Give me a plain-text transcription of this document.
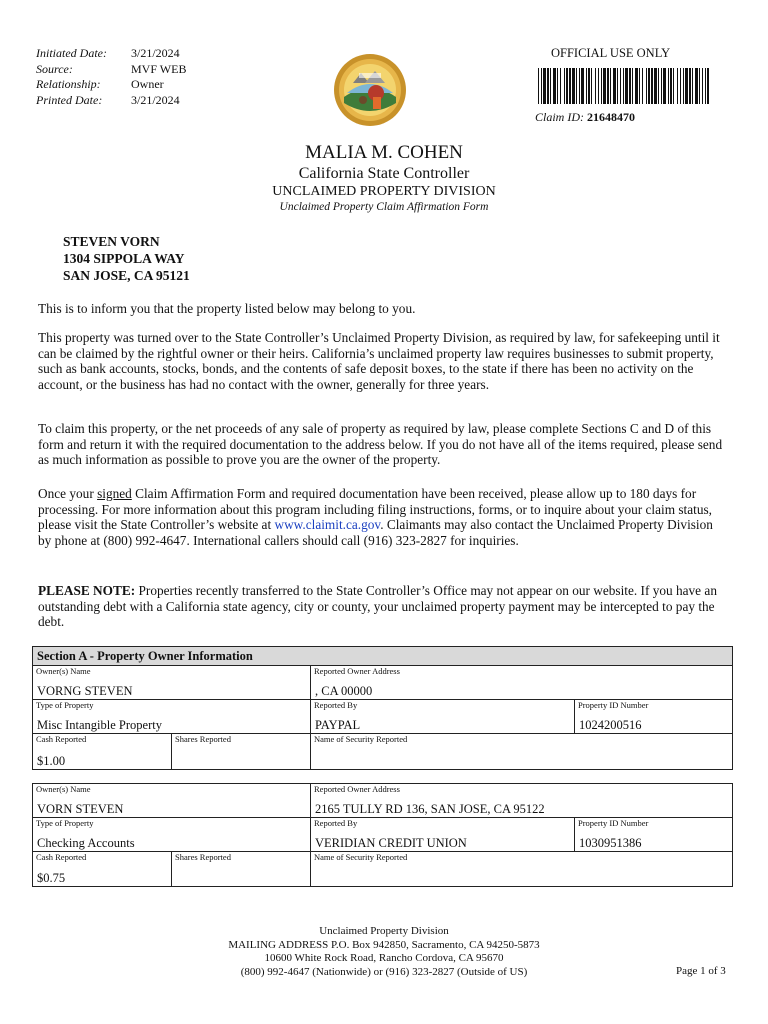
Initiated Date:	3/21/2024
Source:	MVF WEB
Relationship:	Owner
Printed Date:	3/21/2024
OFFICIAL USE ONLY
Claim ID: 21648470
MALIA M. COHEN
California State Controller
UNCLAIMED PROPERTY DIVISION
Unclaimed Property Claim Affirmation Form
STEVEN VORN
1304 SIPPOLA WAY
SAN JOSE, CA 95121
This is to inform you that the property listed below may belong to you.
This property was turned over to the State Controller’s Unclaimed Property Division, as required by law, for safekeeping until it can be claimed by the rightful owner or their heirs. California’s unclaimed property law requires businesses to submit property, such as bank accounts, stocks, bonds, and the contents of safe deposit boxes, to the state if there has been no activity on the account, or the business has had no contact with the owner, generally for three years.
To claim this property, or the net proceeds of any sale of property as required by law, please complete Sections C and D of this form and return it with the required documentation to the address below. If you do not have all of the items required, please send as much information as possible to prove you are the owner of the property.
Once your signed Claim Affirmation Form and required documentation have been received, please allow up to 180 days for processing. For more information about this program including filing instructions, forms, or to inquire about your claim status, please visit the State Controller’s website at www.claimit.ca.gov. Claimants may also contact the Unclaimed Property Division by phone at (800) 992-4647. International callers should call (916) 323-2827 for inquiries.
PLEASE NOTE: Properties recently transferred to the State Controller’s Office may not appear on our website. If you have an outstanding debt with a California state agency, city or county, your unclaimed property payment may be intercepted to pay the debt.
Section A - Property Owner Information
Owner(s) Name
VORNG STEVEN
Reported Owner Address
, CA 00000
Type of Property
Misc Intangible Property
Reported By
PAYPAL
Property ID Number
1024200516
Cash Reported
$1.00
Shares Reported	Name of Security Reported
Owner(s) Name
VORN STEVEN
Reported Owner Address
2165 TULLY RD 136, SAN JOSE, CA 95122
Type of Property
Checking Accounts
Reported By
VERIDIAN CREDIT UNION
Property ID Number
1030951386
Cash Reported
$0.75
Shares Reported	Name of Security Reported
Unclaimed Property Division
MAILING ADDRESS P.O. Box 942850, Sacramento, CA 94250-5873
10600 White Rock Road, Rancho Cordova, CA 95670
(800) 992-4647 (Nationwide) or (916) 323-2827 (Outside of US)	Page 1 of 3
